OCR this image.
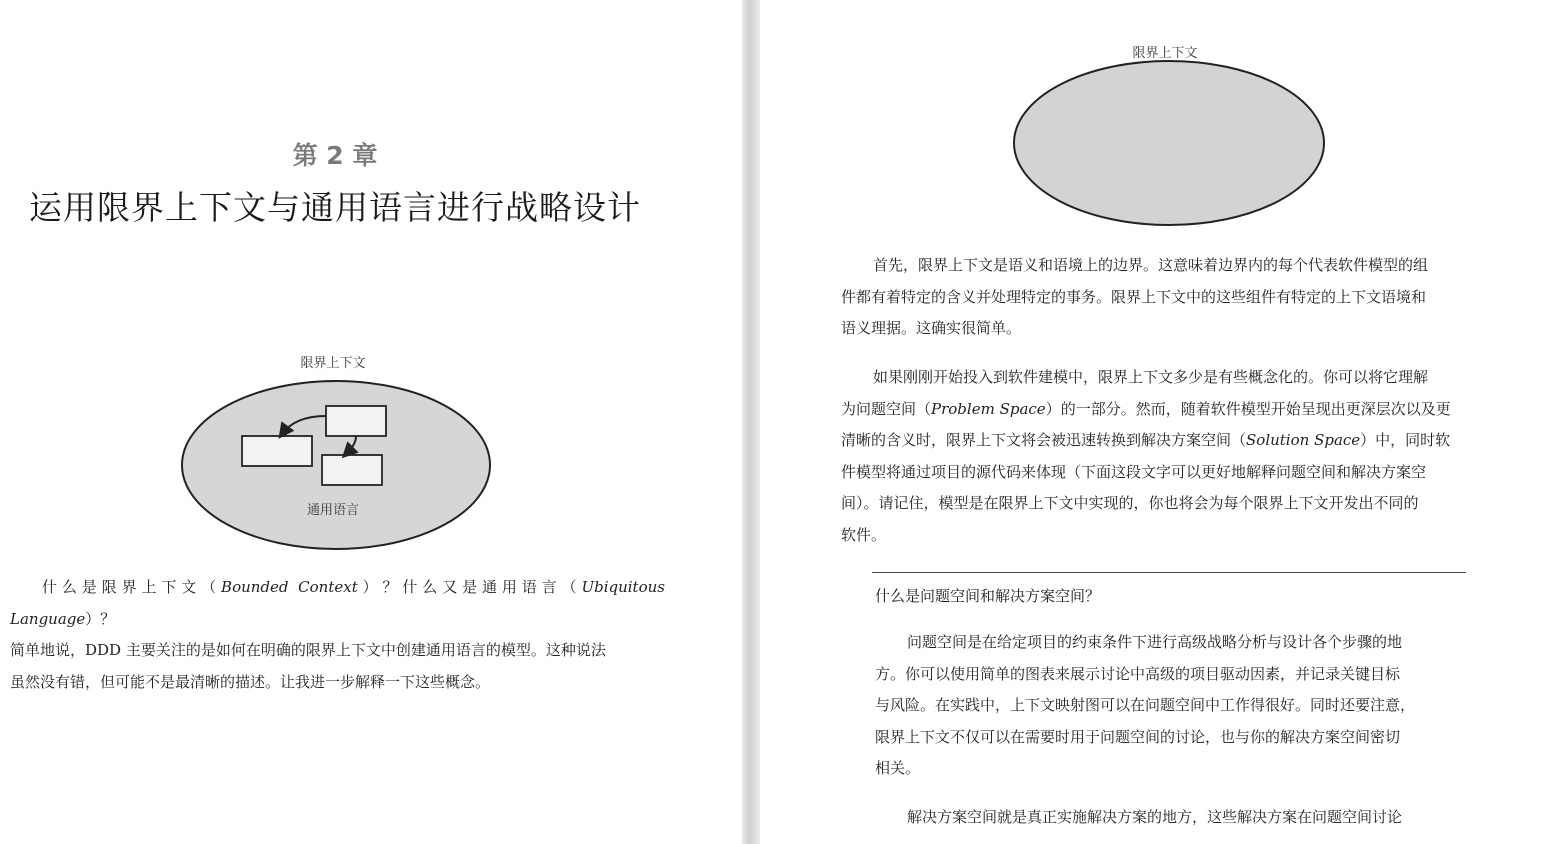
第 2 章
运用限界上下文与通用语言进行战略设计
限界上下文
通用语言
什么是限界上下文（Bounded Context）？什么又是通用语言（Ubiquitous Language）？
简单地说，DDD 主要关注的是如何在明确的限界上下文中创建通用语言的模型。这种说法
虽然没有错，但可能不是最清晰的描述。让我进一步解释一下这些概念。
限界上下文
首先，限界上下文是语义和语境上的边界。这意味着边界内的每个代表软件模型的组
件都有着特定的含义并处理特定的事务。限界上下文中的这些组件有特定的上下文语境和
语义理据。这确实很简单。
如果刚刚开始投入到软件建模中，限界上下文多少是有些概念化的。你可以将它理解
为问题空间（Problem Space）的一部分。然而，随着软件模型开始呈现出更深层次以及更
清晰的含义时，限界上下文将会被迅速转换到解决方案空间（Solution Space）中，同时软
件模型将通过项目的源代码来体现（下面这段文字可以更好地解释问题空间和解决方案空
间）。请记住，模型是在限界上下文中实现的，你也将会为每个限界上下文开发出不同的
软件。
什么是问题空间和解决方案空间？
问题空间是在给定项目的约束条件下进行高级战略分析与设计各个步骤的地
方。你可以使用简单的图表来展示讨论中高级的项目驱动因素，并记录关键目标
与风险。在实践中，上下文映射图可以在问题空间中工作得很好。同时还要注意，
限界上下文不仅可以在需要时用于问题空间的讨论，也与你的解决方案空间密切
相关。
解决方案空间就是真正实施解决方案的地方，这些解决方案在问题空间讨论
